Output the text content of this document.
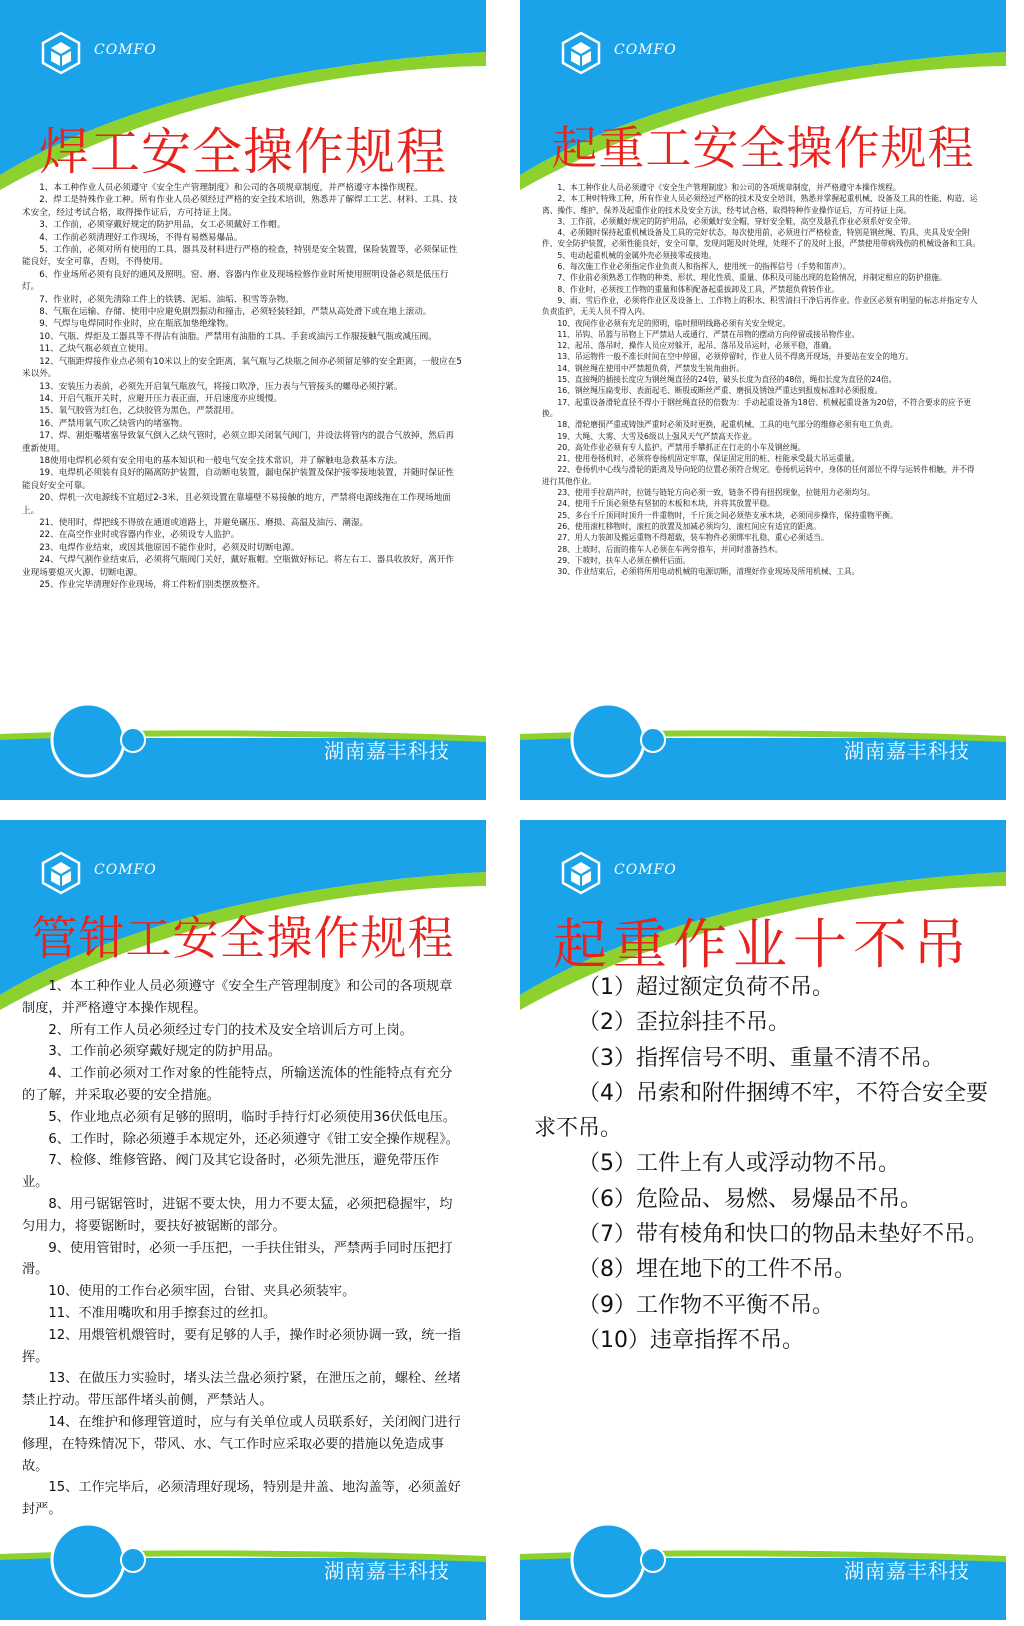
COMFO
焊工安全操作规程

1、本工种作业人员必须遵守《安全生产管理制度》和公司的各项规章制度，并严格遵守本操作规程。

2、焊工是特殊作业工种。所有作业人员必须经过严格的安全技术培训，熟悉并了解焊工工艺、材料、工具、技术安全，经过考试合格，取得操作证后，方可持证上岗。

3、工作前，必须穿戴好规定的防护用品，女工必须戴好工作帽。

4、工作前必须清理好工作现场，不得有易燃易爆品。

5、工作前，必须对所有使用的工具、器具及材料进行严格的检查，特别是安全装置，保险装置等，必须保证性能良好，安全可靠，否则，不得使用。

6、作业场所必须有良好的通风及照明。窑、磨、容器内作业及现场检修作业时所使用照明设备必须是低压行灯。

7、作业时，必须先清除工件上的铁锈、泥垢、油垢、积雪等杂物。

8、气瓶在运输、存储、使用中应避免剧烈振动和撞击，必须轻装轻卸，严禁从高处滑下或在地上滚动。

9、气焊与电焊同时作业时，应在瓶底加垫绝缘物。

10、气瓶、焊炬及工器具等不得沾有油脂。严禁用有油脂的工具、手套或油污工作服接触气瓶或减压阀。

11、乙炔气瓶必须直立使用。

12、气瓶距焊接作业点必须有10米以上的安全距离，氧气瓶与乙炔瓶之间亦必须留足够的安全距离，一般应在5米以外。

13、安装压力表前，必须先开启氧气瓶放气，将接口吹净，压力表与气管接头的螺母必须拧紧。

14、开启气瓶开关时，应避开压力表正面，开启速度亦应缓慢。

15、氧气胶管为红色，乙炔胶管为黑色，严禁混用。

16、严禁用氧气吹乙炔管内的堵塞物。

17、焊、割炬嘴堵塞导致氧气倒入乙炔气管时，必须立即关闭氧气阀门，并设法将管内的混合气放掉，然后再重新使用。

18使用电焊机必须有安全用电的基本知识和一般电气安全技术常识，并了解触电急救基本方法。

19、电焊机必须装有良好的隔离防护装置，自动断电装置，漏电保护装置及保护接零接地装置，并随时保证性能良好安全可靠。

20、焊机一次电源线不宜超过2-3米，且必须设置在靠墙壁不易接触的地方，严禁将电源线拖在工作现场地面上。

21、使用时，焊把线不得放在通道或道路上，并避免碾压、磨损、高温及油污、潮湿。

22、在高空作业时或容器内作业，必须设专人监护。

23、电焊作业结束，或因其他原因不能作业时，必须及时切断电源。

24、气焊气割作业结束后，必须将气瓶阀门关好，戴好瓶帽。空瓶做好标记。将左右工、器具收放好，离开作业现场要熄灭火源、切断电源。

25、作业完毕清理好作业现场，将工件粉们别类摆放整齐。

湖南嘉丰科技
COMFO
起重工安全操作规程

1、本工种作业人员必须遵守《安全生产管理制度》和公司的各项规章制度，并严格遵守本操作规程。

2、本工种时特殊工种，所有作业人员必须经过严格的技术及安全培训，熟悉并掌握起重机械、设备及工具的性能、构造、运离、操作、维护、保养及起重作业的技术及安全方法，经考试合格，取得特种作业操作证后，方可持证上岗。

3、工作前，必须戴好规定的防护用品，必须戴好安全帽，穿好安全鞋，高空及悬孔作业必须系好安全带。

4、必须随时保持起重机械设备及工具的完好状态，每次使用前，必须进行严格检查，特别是钢丝绳、钓具、夹具及安全附件、安全防护装置，必须性能良好，安全可靠，发现问题及时处理，处理不了的及时上报，严禁使用带病残伤的机械设备和工具。

5、电动起重机械的金属外壳必须接零或接地。

6、每次施工作业必须指定作业负责人和指挥人，使用统一的指挥信号（手势和笛声）。

7、作业前必须熟悉工作物的种类、形状、理化性质、重量、体积及可能出现的危险情况，并制定相应的防护措施。

8、作业时，必须按工作物的重量和体积配备起重拔卸及工具，严禁超负荷转作业。

9、雨、雪后作业，必须将作业区及设备上、工作物上的积水、积雪清扫干净后再作业。作业区必须有明显的标志并指定专人负责监护，无关人员不得入内。

10、夜间作业必须有充足的照明，临时照明线路必须有关安全规定。

11、吊钩、吊篮与吊物上下严禁站人或通行，严禁在吊物的摆动方向停留或接吊物作业。

12、起吊、落吊时，操作人员应对躲开，起吊、落吊及吊运时，必须平稳，准确。

13、吊运物件一般不准长时间在空中停留，必须停留时，作业人员不得离开现场，并要站在安全的地方。

14、钢丝绳在使用中严禁超负荷，严禁发生锐角曲折。

15、直接绳的插接长度应为钢丝绳直径的24倍，破头长度为直径的48倍，绳扣长度为直径的24倍。

16、钢丝绳压扁变形、表面起毛、断股或断丝严重、磨损及锈蚀严重达到报废标准时必须报废。

17、起重设备滑轮直径不得小于钢丝绳直径的倍数为：手动起重设备为18倍、机械起重设备为20倍，不符合要求的应予更换。

18、滑轮磨损严重或铸蚀严重时必须及时更换，起重机械、工具的电气部分的维修必须有电工负责。

19、大绳、大雾、大雪及6级以上强风天气严禁高天作业。

20、高处作业必须有专人监护。严禁用手攀抓正在行走的小车及钢丝绳。

21、使用卷扬机时，必须将卷扬机固定牢靠，保证固定用的桩、柱能承受最大吊运重量。

22、卷扬机中心线与滑轮的距离及导向轮的位置必须符合规定。卷扬机运转中，身体的任何部位不得与运转件相触，并不得进行其他作业。

23、使用手拉葫芦时，拉链与链轮方向必须一致，链条不得有扭拐现象，拉链用力必须均匀。

24、使用千斤顶必须垫有坚韧的木板和木块，并将其放置平稳。

25、多台千斤顶同时顶升一件重物时，千斤顶之间必须垫支承木块，必须同步操作，保持重物平衡。

26、使用滚杠移物时，滚杠的放置及加减必须均匀，滚杠间应有适宜的距离。

27、用人力装卸及搬运重物不得超载，装车物件必须绑牢扎稳，重心必须适当。

28、上坡时，后面的推车人必须在车两旁推车，并同时准备挡木。

29、下坡时，扶车人必须在横杆后面。

30、作业结束后，必须将所用电动机械的电源切断，清理好作业现场及所用机械、工具。

湖南嘉丰科技
COMFO
管钳工安全操作规程

1、本工种作业人员必须遵守《安全生产管理制度》和公司的各项规章制度，并严格遵守本操作规程。

2、所有工作人员必须经过专门的技术及安全培训后方可上岗。

3、工作前必须穿戴好规定的防护用品。

4、工作前必须对工作对象的性能特点，所输送流体的性能特点有充分的了解，并采取必要的安全措施。

5、作业地点必须有足够的照明，临时手持行灯必须使用36伏低电压。

6、工作时，除必须遵手本规定外，还必须遵守《钳工安全操作规程》。

7、检修、维修管路、阀门及其它设备时，必须先泄压，避免带压作业。

8、用弓锯锯管时，进锯不要太快，用力不要太猛，必须把稳握牢，均匀用力，将要锯断时，要扶好被锯断的部分。

9、使用管钳时，必须一手压把，一手扶住钳头，严禁两手同时压把打滑。

10、使用的工作台必须牢固，台钳、夹具必须装牢。

11、不准用嘴吹和用手擦套过的丝扣。

12、用煨管机煨管时，要有足够的人手，操作时必须协调一致，统一指挥。

13、在做压力实验时，堵头法兰盘必须拧紧，在泄压之前，螺栓、丝堵禁止拧动。带压部件堵头前侧，严禁站人。

14、在维护和修理管道时，应与有关单位或人员联系好，关闭阀门进行修理，在特殊情况下，带风、水、气工作时应采取必要的措施以免造成事故。

15、工作完毕后，必须清理好现场，特别是井盖、地沟盖等，必须盖好封严。

湖南嘉丰科技
COMFO
起重作业十不吊

（1）超过额定负荷不吊。

（2）歪拉斜挂不吊。

（3）指挥信号不明、重量不清不吊。

（4）吊索和附件捆缚不牢，不符合安全要求不吊。

（5）工件上有人或浮动物不吊。

（6）危险品、易燃、易爆品不吊。

（7）带有棱角和快口的物品未垫好不吊。

（8）埋在地下的工件不吊。

（9）工作物不平衡不吊。

（10）违章指挥不吊。

湖南嘉丰科技
